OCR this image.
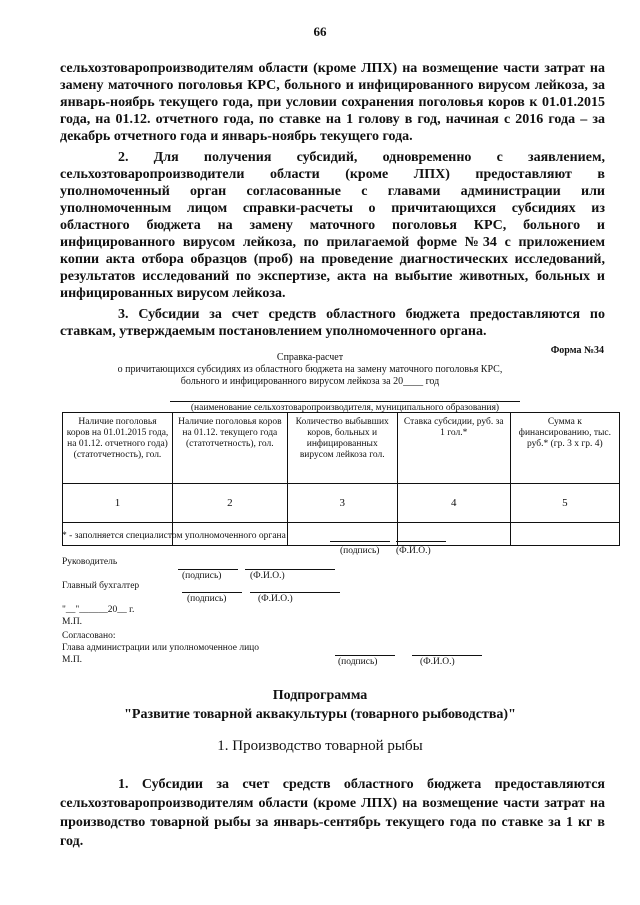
66

сельхозтоваропроизводителям области (кроме ЛПХ) на возмещение части затрат на замену маточного поголовья КРС, больного и инфицированного вирусом лейкоза, за январь-ноябрь текущего года, при условии сохранения поголовья коров к 01.01.2015 года, на 01.12. отчетного года, по ставке на 1 голову в год, начиная с 2016 года – за декабрь отчетного года и январь-ноябрь текущего года.

2. Для получения субсидий, одновременно с заявлением, сельхозтоваропроизводители области (кроме ЛПХ) предоставляют в уполномоченный орган согласованные с главами администрации или уполномоченным лицом справки-расчеты о причитающихся субсидиях из областного бюджета на замену маточного поголовья КРС, больного и инфицированного вирусом лейкоза, по прилагаемой форме №34 с приложением копии акта отбора образцов (проб) на проведение диагностических исследований, результатов исследований по экспертизе, акта на выбытие животных, больных и инфицированных вирусом лейкоза.

3. Субсидии за счет средств областного бюджета предоставляются по ставкам, утверждаемым постановлением уполномоченного органа.

Форма №34
Справка-расчет
о причитающихся субсидиях из областного бюджета на замену маточного поголовья КРС,
больного и инфицированного вирусом лейкоза за 20____ год
(наименование сельхозтоваропроизводителя, муниципального образования)
Наличие поголовья коров на 01.01.2015 года, на 01.12. отчетного года) (статотчетность), гол.	Наличие поголовья коров на 01.12. текущего года (статотчетность), гол.	Количество выбывших коров, больных и инфицированных вирусом лейкоза гол.	Ставка субсидии, руб. за 1 гол.*	Сумма к финансированию, тыс. руб.* (гр. 3 х гр. 4)
1	2	3	4	5

* - заполняется специалистом уполномоченного органа
(подпись) (Ф.И.О.)
Руководитель
(подпись)	(Ф.И.О.)
Главный бухгалтер
(подпись)	(Ф.И.О.)
"__"______20__ г.
М.П.
Согласовано:
Глава администрации или уполномоченное лицо
М.П.	(подпись)	(Ф.И.О.)
Подпрограмма
"Развитие товарной аквакультуры (товарного рыбоводства)"
1. Производство товарной рыбы

1. Субсидии за счет средств областного бюджета предоставляются сельхозтоваропроизводителям области (кроме ЛПХ) на возмещение части затрат на производство товарной рыбы за январь-сентябрь текущего года по ставке за 1 кг в год.
